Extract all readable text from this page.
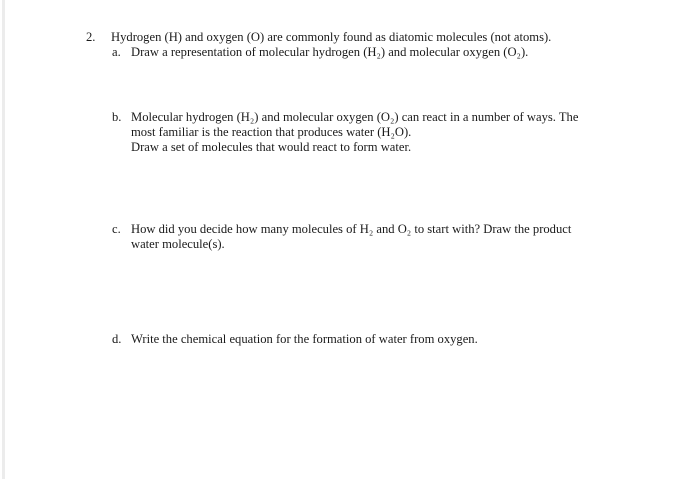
2. Hydrogen (H) and oxygen (O) are commonly found as diatomic molecules (not atoms).
a. Draw a representation of molecular hydrogen (H₂) and molecular oxygen (O₂).
b. Molecular hydrogen (H₂) and molecular oxygen (O₂) can react in a number of ways. The
most familiar is the reaction that produces water (H₂O).
Draw a set of molecules that would react to form water.
c. How did you decide how many molecules of H₂ and O₂ to start with? Draw the product
water molecule(s).
d. Write the chemical equation for the formation of water from oxygen.
